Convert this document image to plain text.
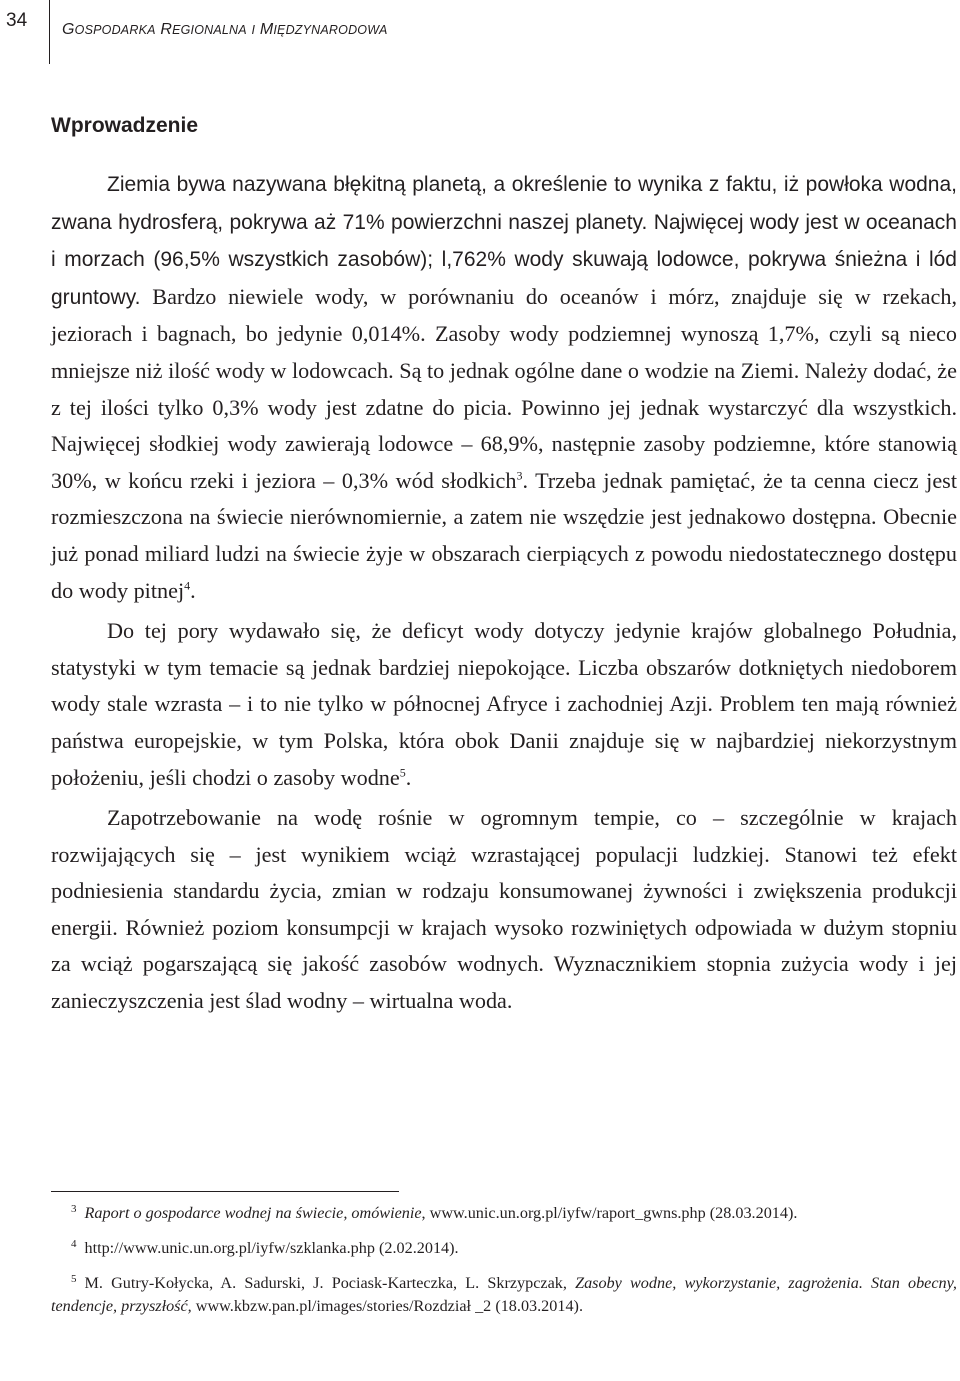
34 GOSPODARKA REGIONALNA I MIĘDZYNARODOWA
Wprowadzenie

Ziemia bywa nazywana błękitną planetą, a określenie to wynika z faktu, iż powłoka wodna, zwana hydrosferą, pokrywa aż 71% powierzchni naszej planety. Najwięcej wody jest w oceanach i morzach (96,5% wszystkich zasobów); l,762% wody skuwają lodowce, pokrywa śnieżna i lód gruntowy. Bardzo niewiele wody, w porównaniu do oceanów i mórz, znajduje się w rzekach, jeziorach i bagnach, bo jedynie 0,014%. Zasoby wody podziemnej wynoszą 1,7%, czyli są nieco mniejsze niż ilość wody w lodowcach. Są to jednak ogólne dane o wodzie na Ziemi. Należy dodać, że z tej ilości tylko 0,3% wody jest zdatne do picia. Powinno jej jednak wystarczyć dla wszystkich. Najwięcej słodkiej wody zawierają lodowce – 68,9%, następnie zasoby podziemne, które stanowią 30%, w końcu rzeki i jeziora – 0,3% wód słodkich$^3$. Trzeba jednak pamiętać, że ta cenna ciecz jest rozmieszczona na świecie nierównomiernie, a zatem nie wszędzie jest jednakowo dostępna. Obecnie już ponad miliard ludzi na świecie żyje w obszarach cierpiących z powodu niedostatecznego dostępu do wody pitnej$^4$.

Do tej pory wydawało się, że deficyt wody dotyczy jedynie krajów globalnego Południa, statystyki w tym temacie są jednak bardziej niepokojące. Liczba obszarów dotkniętych niedoborem wody stale wzrasta – i to nie tylko w północnej Afryce i zachodniej Azji. Problem ten mają również państwa europejskie, w tym Polska, która obok Danii znajduje się w najbardziej niekorzystnym położeniu, jeśli chodzi o zasoby wodne$^5$.

Zapotrzebowanie na wodę rośnie w ogromnym tempie, co – szczególnie w krajach rozwijających się – jest wynikiem wciąż wzrastającej populacji ludzkiej. Stanowi też efekt podniesienia standardu życia, zmian w rodzaju konsumowanej żywności i zwiększenia produkcji energii. Również poziom konsumpcji w krajach wysoko rozwiniętych odpowiada w dużym stopniu za wciąż pogarszającą się jakość zasobów wodnych. Wyznacznikiem stopnia zużycia wody i jej zanieczyszczenia jest ślad wodny – wirtualna woda.

$^3$ Raport o gospodarce wodnej na świecie, omówienie, www.unic.un.org.pl/iyfw/raport_gwns.php (28.03.2014).

$^4$ http://www.unic.un.org.pl/iyfw/szklanka.php (2.02.2014).

$^5$ M. Gutry-Kołycka, A. Sadurski, J. Pociask-Karteczka, L. Skrzypczak, Zasoby wodne, wykorzystanie, zagrożenia. Stan obecny, tendencje, przyszłość, www.kbzw.pan.pl/images/stories/Rozdział _2 (18.03.2014).
